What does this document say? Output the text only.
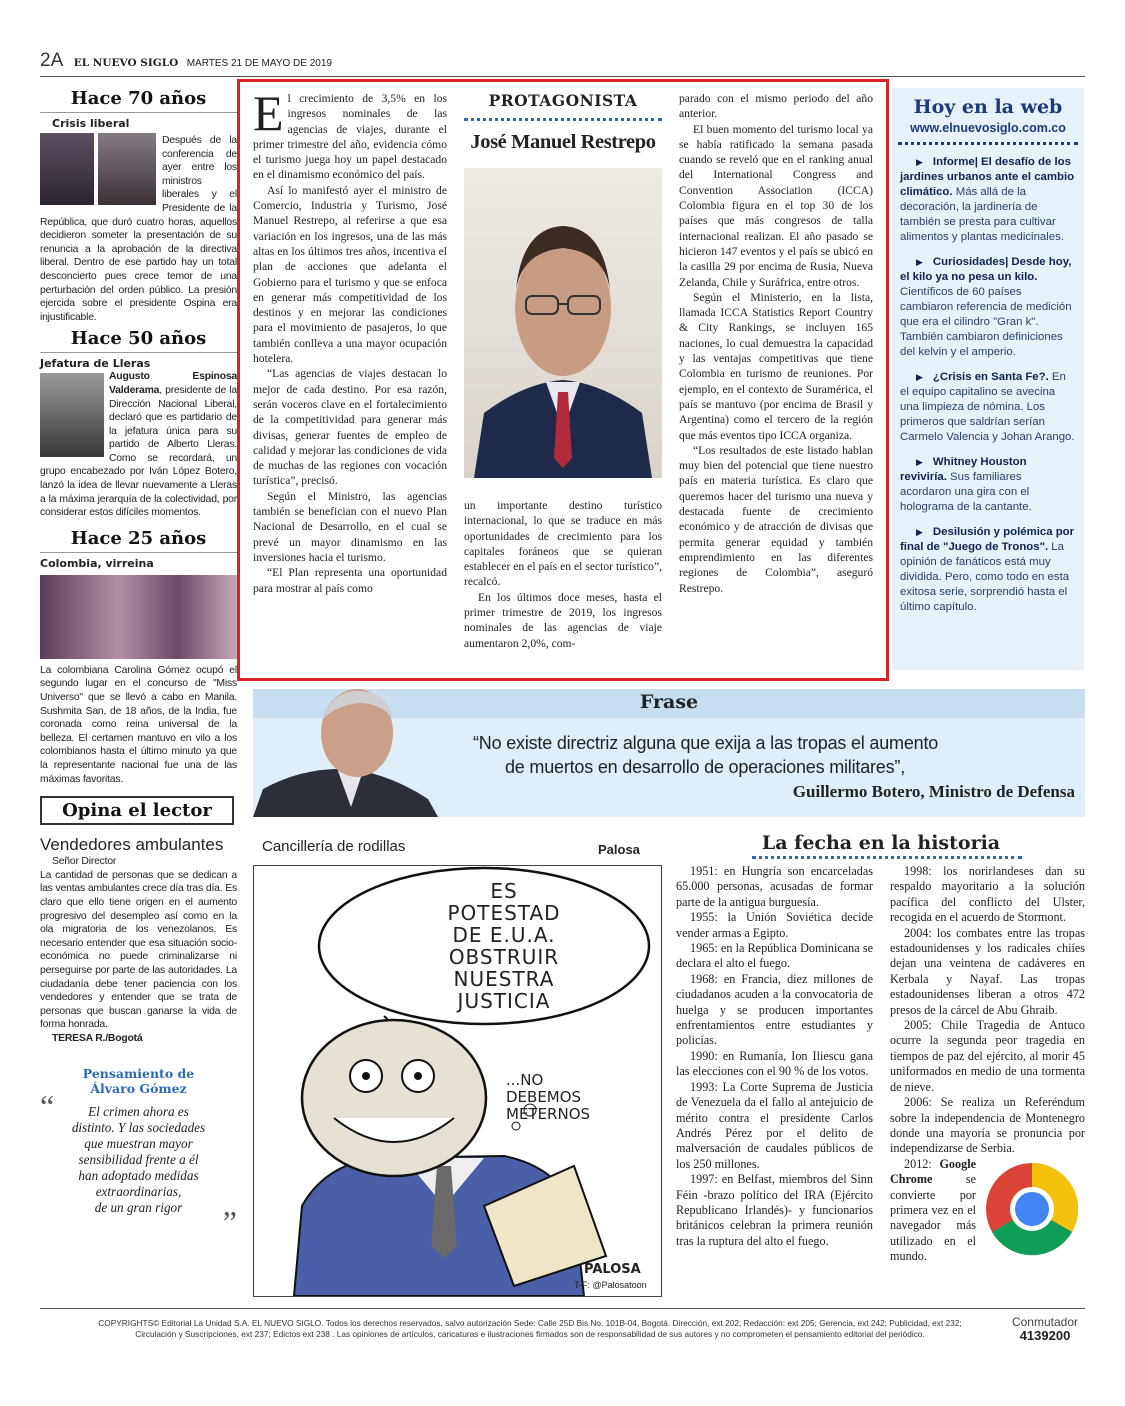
2A EL NUEVO SIGLO MARTES 21 DE MAYO DE 2019
Hace 70 años
Crisis liberal
Después de la conferencia de ayer entre los ministros liberales y el Presidente de la República, que duró cuatro horas, aquellos decidieron someter la presentación de su renuncia a la aprobación de la directiva liberal. Dentro de ese partido hay un total desconcierto pues crece temor de una perturbación del orden público. La presión ejercida sobre el presidente Ospina era injustificable.
Hace 50 años
Jefatura de Lleras
Augusto Espinosa Valderama, presidente de la Dirección Nacional Liberal, declaró que es partidario de la jefatura única para su partido de Alberto Lleras. Como se recordará, un grupo encabezado por Iván López Botero, lanzó la idea de llevar nuevamente a Lleras a la máxima jerarquía de la colectividad, por considerar estos difíciles momentos.
Hace 25 años
Colombia, virreina
La colombiana Carolina Gómez ocupó el segundo lugar en el concurso de "Miss Universo" que se llevó a cabo en Manila. Sushmita San, de 18 años, de la India, fue coronada como reina universal de la belleza. El certamen mantuvo en vilo a los colombianos hasta el último minuto ya que la representante nacional fue una de las máximas favoritas.
Opina el lector
Vendedores ambulantes
Señor Director
La cantidad de personas que se dedican a las ventas ambulantes crece día tras día. Es claro que ello tiene origen en el aumento progresivo del desempleo así como en la ola migratoria de los venezolanos. Es necesario entender que esa situación socio-económica no puede criminalizarse ni perseguirse por parte de las autoridades. La ciudadanía debe tener paciencia con los vendedores y entender que se trata de personas que buscan ganarse la vida de forma honrada.
TERESA R./Bogotá
Pensamiento de
Álvaro Gómez
“	El crimen ahora es
distinto. Y las sociedades
que muestran mayor
sensibilidad frente a él
han adoptado medidas
extraordinarias,
de un gran rigor	”
E l crecimiento de 3,5% en los ingresos nominales de las agencias de viajes, durante el primer trimestre del año, evidencia cómo el turismo juega hoy un papel destacado en el dinamismo económico del país.
Así lo manifestó ayer el ministro de Comercio, Industria y Turismo, José Manuel Restrepo, al referirse a que esa variación en los ingresos, una de las más altas en los últimos tres años, incentiva el plan de acciones que adelanta el Gobierno para el turismo y que se enfoca en generar más competitividad de los destinos y en mejorar las condiciones para el movimiento de pasajeros, lo que también conlleva a una mayor ocupación hotelera.
“Las agencias de viajes destacan lo mejor de cada destino. Por esa razón, serán voceros clave en el fortalecimiento de la competitividad para generar más divisas, generar fuentes de empleo de calidad y mejorar las condiciones de vida de muchas de las regiones con vocación turística”, precisó.
Según el Ministro, las agencias también se benefician con el nuevo Plan Nacional de Desarrollo, en el cual se prevé un mayor dinamismo en las inversiones hacia el turismo.
“El Plan representa una oportunidad para mostrar al país como
PROTAGONISTA
José Manuel Restrepo
un importante destino turístico internacional, lo que se traduce en más oportunidades de crecimiento para los capitales foráneos que se quieran establecer en el país en el sector turístico”, recalcó.
En los últimos doce meses, hasta el primer trimestre de 2019, los ingresos nominales de las agencias de viaje aumentaron 2,0%, com-
parado con el mismo periodo del año anterior.
El buen momento del turismo local ya se había ratificado la semana pasada cuando se reveló que en el ranking anual del International Congress and Convention Association (ICCA) Colombia figura en el top 30 de los países que más congresos de talla internacional realizan. El año pasado se hicieron 147 eventos y el país se ubicó en la casilla 29 por encima de Rusia, Nueva Zelanda, Chile y Suráfrica, entre otros.
Según el Ministerio, en la lista, llamada ICCA Statistics Report Country & City Rankings, se incluyen 165 naciones, lo cual demuestra la capacidad y las ventajas competitivas que tiene Colombia en turismo de reuniones. Por ejemplo, en el contexto de Suramérica, el país se mantuvo (por encima de Brasil y Argentina) como el tercero de la región que más eventos tipo ICCA organiza.
“Los resultados de este listado hablan muy bien del potencial que tiene nuestro país en materia turística. Es claro que queremos hacer del turismo una nueva y destacada fuente de crecimiento económico y de atracción de divisas que permita generar equidad y también emprendimiento en las diferentes regiones de Colombia”, aseguró Restrepo.
Hoy en la web
www.elnuevosiglo.com.co
▶ Informe| El desafío de los jardines urbanos ante el cambio climático. Más allá de la decoración, la jardinería de también se presta para cultivar alimentos y plantas medicinales.
▶ Curiosidades| Desde hoy, el kilo ya no pesa un kilo. Científicos de 60 países cambiaron referencia de medición que era el cilindro "Gran k". También cambiaron definiciones del kelvin y el amperio.
▶ ¿Crisis en Santa Fe?. En el equipo capitalino se avecina una limpieza de nómina. Los primeros que saldrían serían Carmelo Valencia y Johan Arango.
▶ Whitney Houston reviviría. Sus familiares acordaron una gira con el holograma de la cantante.
▶ Desilusión y polémica por final de "Juego de Tronos". La opinión de fanáticos está muy dividida. Pero, como todo en esta exitosa serie, sorprendió hasta el último capítulo.
Frase
“No existe directriz alguna que exija a las tropas el aumento
de muertos en desarrollo de operaciones militares”,
Guillermo Botero, Ministro de Defensa
Cancillería de rodillas	Palosa
ES
POTESTAD
DE E.U.A.
OBSTRUIR
NUESTRA
JUSTICIA
...NO
DEBEMOS
METERNOS
PALOSA
T-F: @Palosatoon
La fecha en la historia
1951: en Hungría son encarceladas 65.000 personas, acusadas de formar parte de la antigua burguesía.
1955: la Unión Soviética decide vender armas a Egipto.
1965: en la República Dominicana se declara el alto el fuego.
1968: en Francia, diez millones de ciudadanos acuden a la convocatoria de huelga y se producen importantes enfrentamientos entre estudiantes y policías.
1990: en Rumanía, Ion Iliescu gana las elecciones con el 90 % de los votos.
1993: La Corte Suprema de Justicia de Venezuela da el fallo al antejuicio de mérito contra el presidente Carlos Andrés Pérez por el delito de malversación de caudales públicos de los 250 millones.
1997: en Belfast, miembros del Sinn Féin -brazo político del IRA (Ejército Republicano Irlandés)- y funcionarios británicos celebran la primera reunión tras la ruptura del alto el fuego.
1998: los norirlandeses dan su respaldo mayoritario a la solución pacífica del conflicto del Ulster, recogida en el acuerdo de Stormont.
2004: los combates entre las tropas estadounidenses y los radicales chiíes dejan una veintena de cadáveres en Kerbala y Nayaf. Las tropas estadounidenses liberan a otros 472 presos de la cárcel de Abu Ghraib.
2005: Chile Tragedia de Antuco ocurre la segunda peor tragedia en tiempos de paz del ejército, al morir 45 uniformados en medio de una tormenta de nieve.
2006: Se realiza un Referéndum sobre la independencia de Montenegro donde una mayoría se pronuncia por independizarse de Serbia.
2012: Google Chrome se convierte por primera vez en el navegador más utilizado en el mundo.
COPYRIGHTS© Editorial La Unidad S.A. EL NUEVO SIGLO. Todos los derechos reservados, salvo autorización Sede: Calle 25D Bis No. 101B-04, Bogotá. Dirección, ext 202; Redacción: ext 205; Gerencia, ext 242; Publicidad, ext 232;
Circulación y Suscripciones, ext 237; Edictos ext 238 . Las opiniones de artículos, caricaturas e ilustraciones firmados son de responsabilidad de sus autores y no comprometen el pensamiento editorial del periódico.
Conmutador
4139200
